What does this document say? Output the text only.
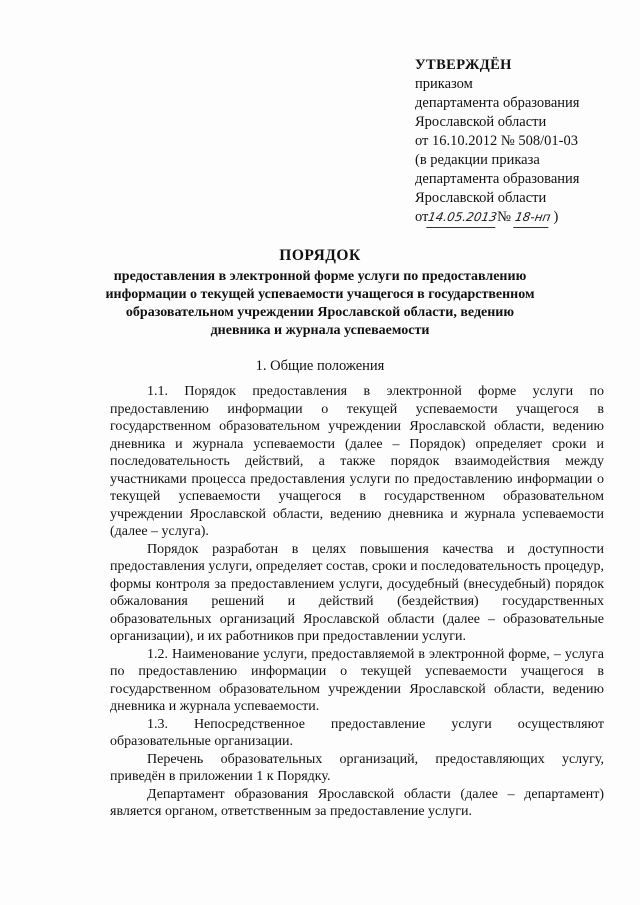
УТВЕРЖДЁН
приказом
департамента образования
Ярославской области
от 16.10.2012 № 508/01-03
(в редакции приказа
департамента образования
Ярославской области
от14.05.2013№ 18-нп )
ПОРЯДОК
предоставления в электронной форме услуги по предоставлению информации о текущей успеваемости учащегося в государственном образовательном учреждении Ярославской области, ведению дневника и журнала успеваемости
1. Общие положения

1.1. Порядок предоставления в электронной форме услуги по предоставлению информации о текущей успеваемости учащегося в государственном образовательном учреждении Ярославской области, ведению дневника и журнала успеваемости (далее – Порядок) определяет сроки и последовательность действий, а также порядок взаимодействия между участниками процесса предоставления услуги по предоставлению информации о текущей успеваемости учащегося в государственном образовательном учреждении Ярославской области, ведению дневника и журнала успеваемости (далее – услуга).

Порядок разработан в целях повышения качества и доступности предоставления услуги, определяет состав, сроки и последовательность процедур, формы контроля за предоставлением услуги, досудебный (внесудебный) порядок обжалования решений и действий (бездействия) государственных образовательных организаций Ярославской области (далее – образовательные организации), и их работников при предоставлении услуги.

1.2. Наименование услуги, предоставляемой в электронной форме, – услуга по предоставлению информации о текущей успеваемости учащегося в государственном образовательном учреждении Ярославской области, ведению дневника и журнала успеваемости.

1.3. Непосредственное предоставление услуги осуществляют образовательные организации.

Перечень образовательных организаций, предоставляющих услугу, приведён в приложении 1 к Порядку.

Департамент образования Ярославской области (далее – департамент) является органом, ответственным за предоставление услуги.
